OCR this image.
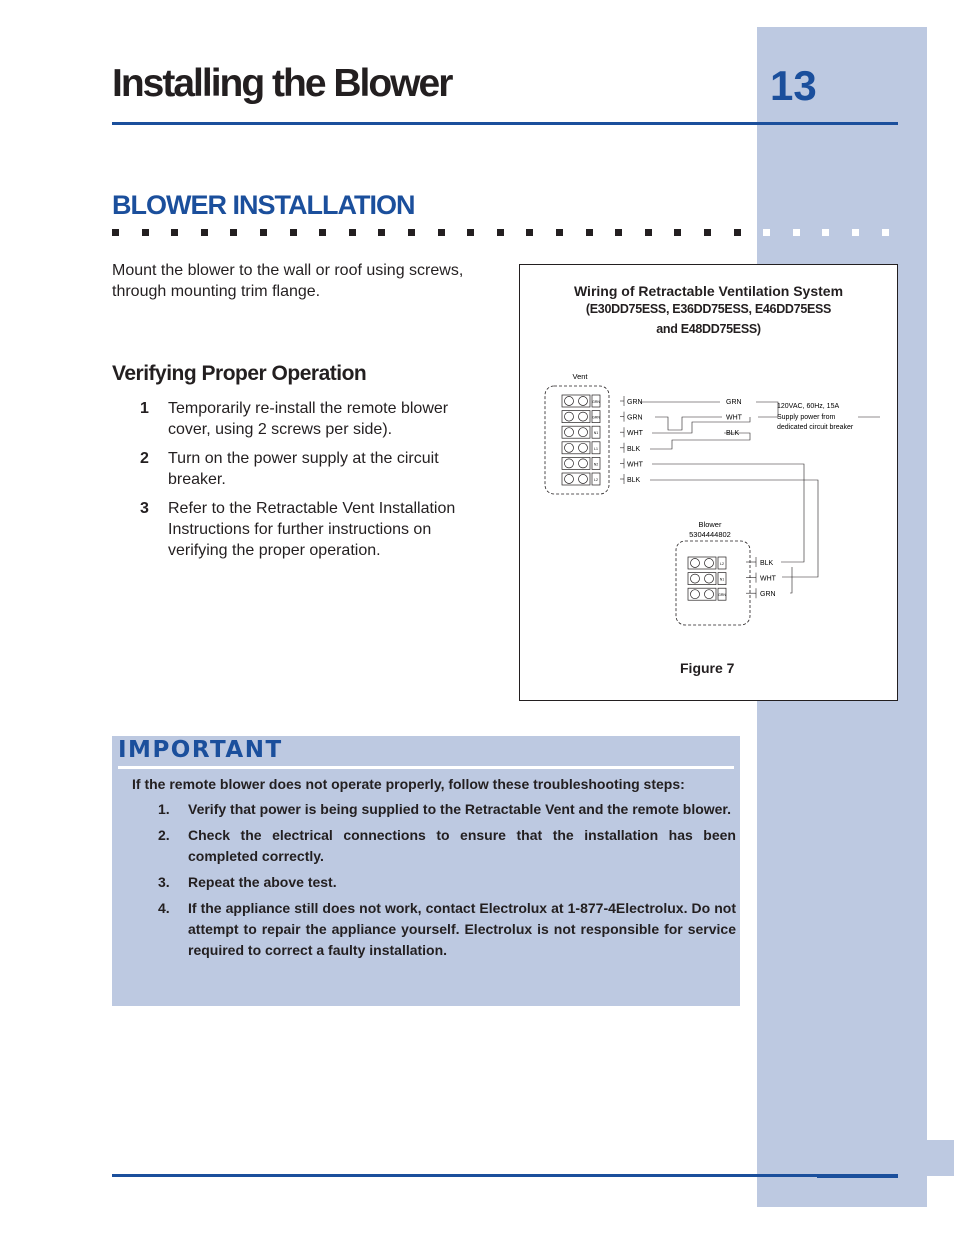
Installing the Blower	13
BLOWER INSTALLATION

Mount the blower to the wall or roof using screws, through mounting trim flange.

Verifying Proper Operation
1 Temporarily re-install the remote blower cover, using 2 screws per side).
2 Turn on the power supply at the circuit breaker.
3 Refer to the Retractable Vent Installation Instructions for further instructions on verifying the proper operation.
Wiring of Retractable Ventilation System
(E30DD75ESS, E36DD75ESS, E46DD75ESS
and E48DD75ESS)
Vent
GRN
GRN
N1
L1
N2
L2
GRN
GRN
WHT
BLK
WHT
BLK
GRN
WHT
BLK
120VAC, 60Hz, 15A
Supply power from
dedicated circuit breaker
Blower
5304444802
L2
N1
GRN
BLK
WHT
GRN
Figure 7
IMPORTANT

If the remote blower does not operate properly, follow these troubleshooting steps:

1. Verify that power is being supplied to the Retractable Vent and the remote blower.
2. Check the electrical connections to ensure that the installation has been completed correctly.
3. Repeat the above test.
4. If the appliance still does not work, contact Electrolux at 1-877-4Electrolux. Do not attempt to repair the appliance yourself. Electrolux is not responsible for service required to correct a faulty installation.
